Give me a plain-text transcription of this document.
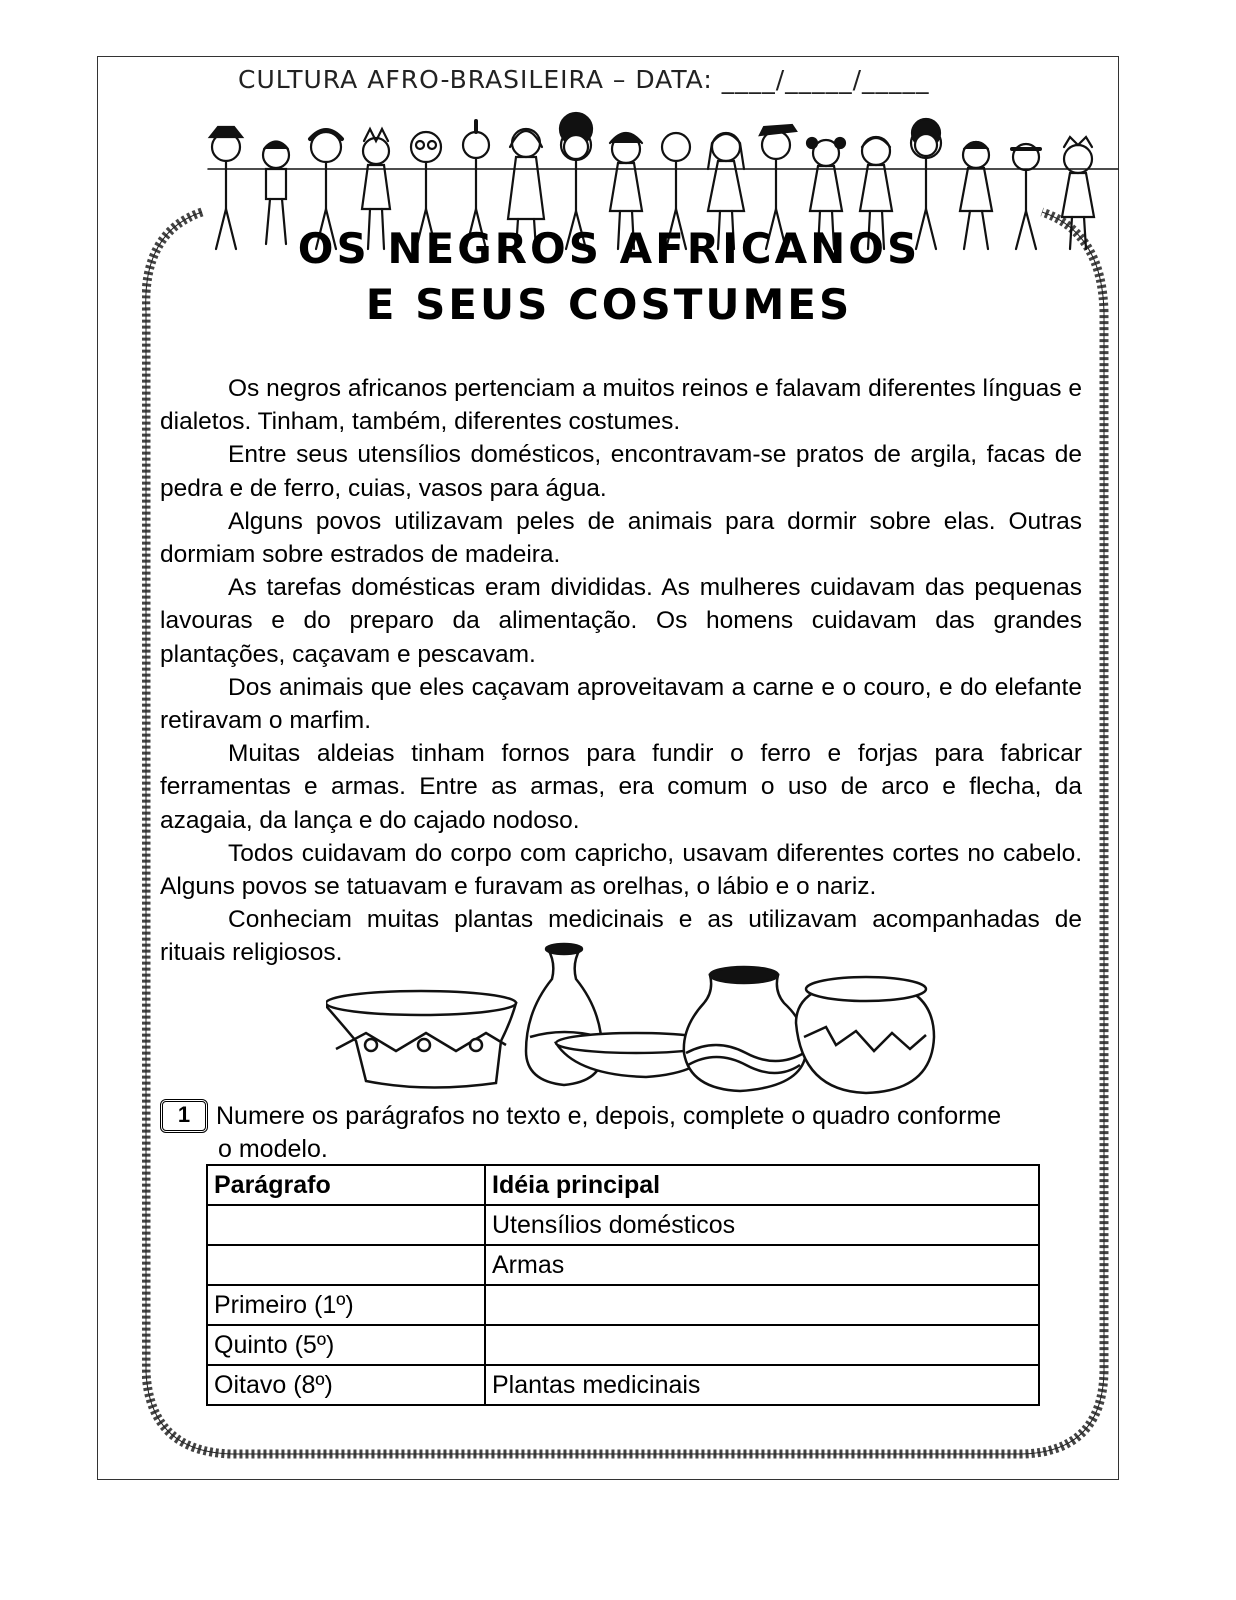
CULTURA AFRO-BRASILEIRA – DATA: ____/_____/_____
OS NEGROS AFRICANOS
E SEUS COSTUMES

Os negros africanos pertenciam a muitos reinos e falavam diferentes línguas e dialetos. Tinham, também, diferentes costumes.

Entre seus utensílios domésticos, encontravam-se pratos de argila, facas de pedra e de ferro, cuias, vasos para água.

Alguns povos utilizavam peles de animais para dormir sobre elas. Outras dormiam sobre estrados de madeira.

As tarefas domésticas eram divididas. As mulheres cuidavam das pequenas lavouras e do preparo da alimentação. Os homens cuidavam das grandes plantações, caçavam e pescavam.

Dos animais que eles caçavam aproveitavam a carne e o couro, e do elefante retiravam o marfim.

Muitas aldeias tinham fornos para fundir o ferro e forjas para fabricar ferramentas e armas. Entre as armas, era comum o uso de arco e flecha, da azagaia, da lança e do cajado nodoso.

Todos cuidavam do corpo com capricho, usavam diferentes cortes no cabelo. Alguns povos se tatuavam e furavam as orelhas, o lábio e o nariz.

Conheciam muitas plantas medicinais e as utilizavam acompanhadas de rituais religiosos.

1 Numere os parágrafos no texto e, depois, complete o quadro conforme
o modelo.
Parágrafo	Idéia principal
	Utensílios domésticos
	Armas
Primeiro (1º)	
Quinto (5º)	
Oitavo (8º)	Plantas medicinais
